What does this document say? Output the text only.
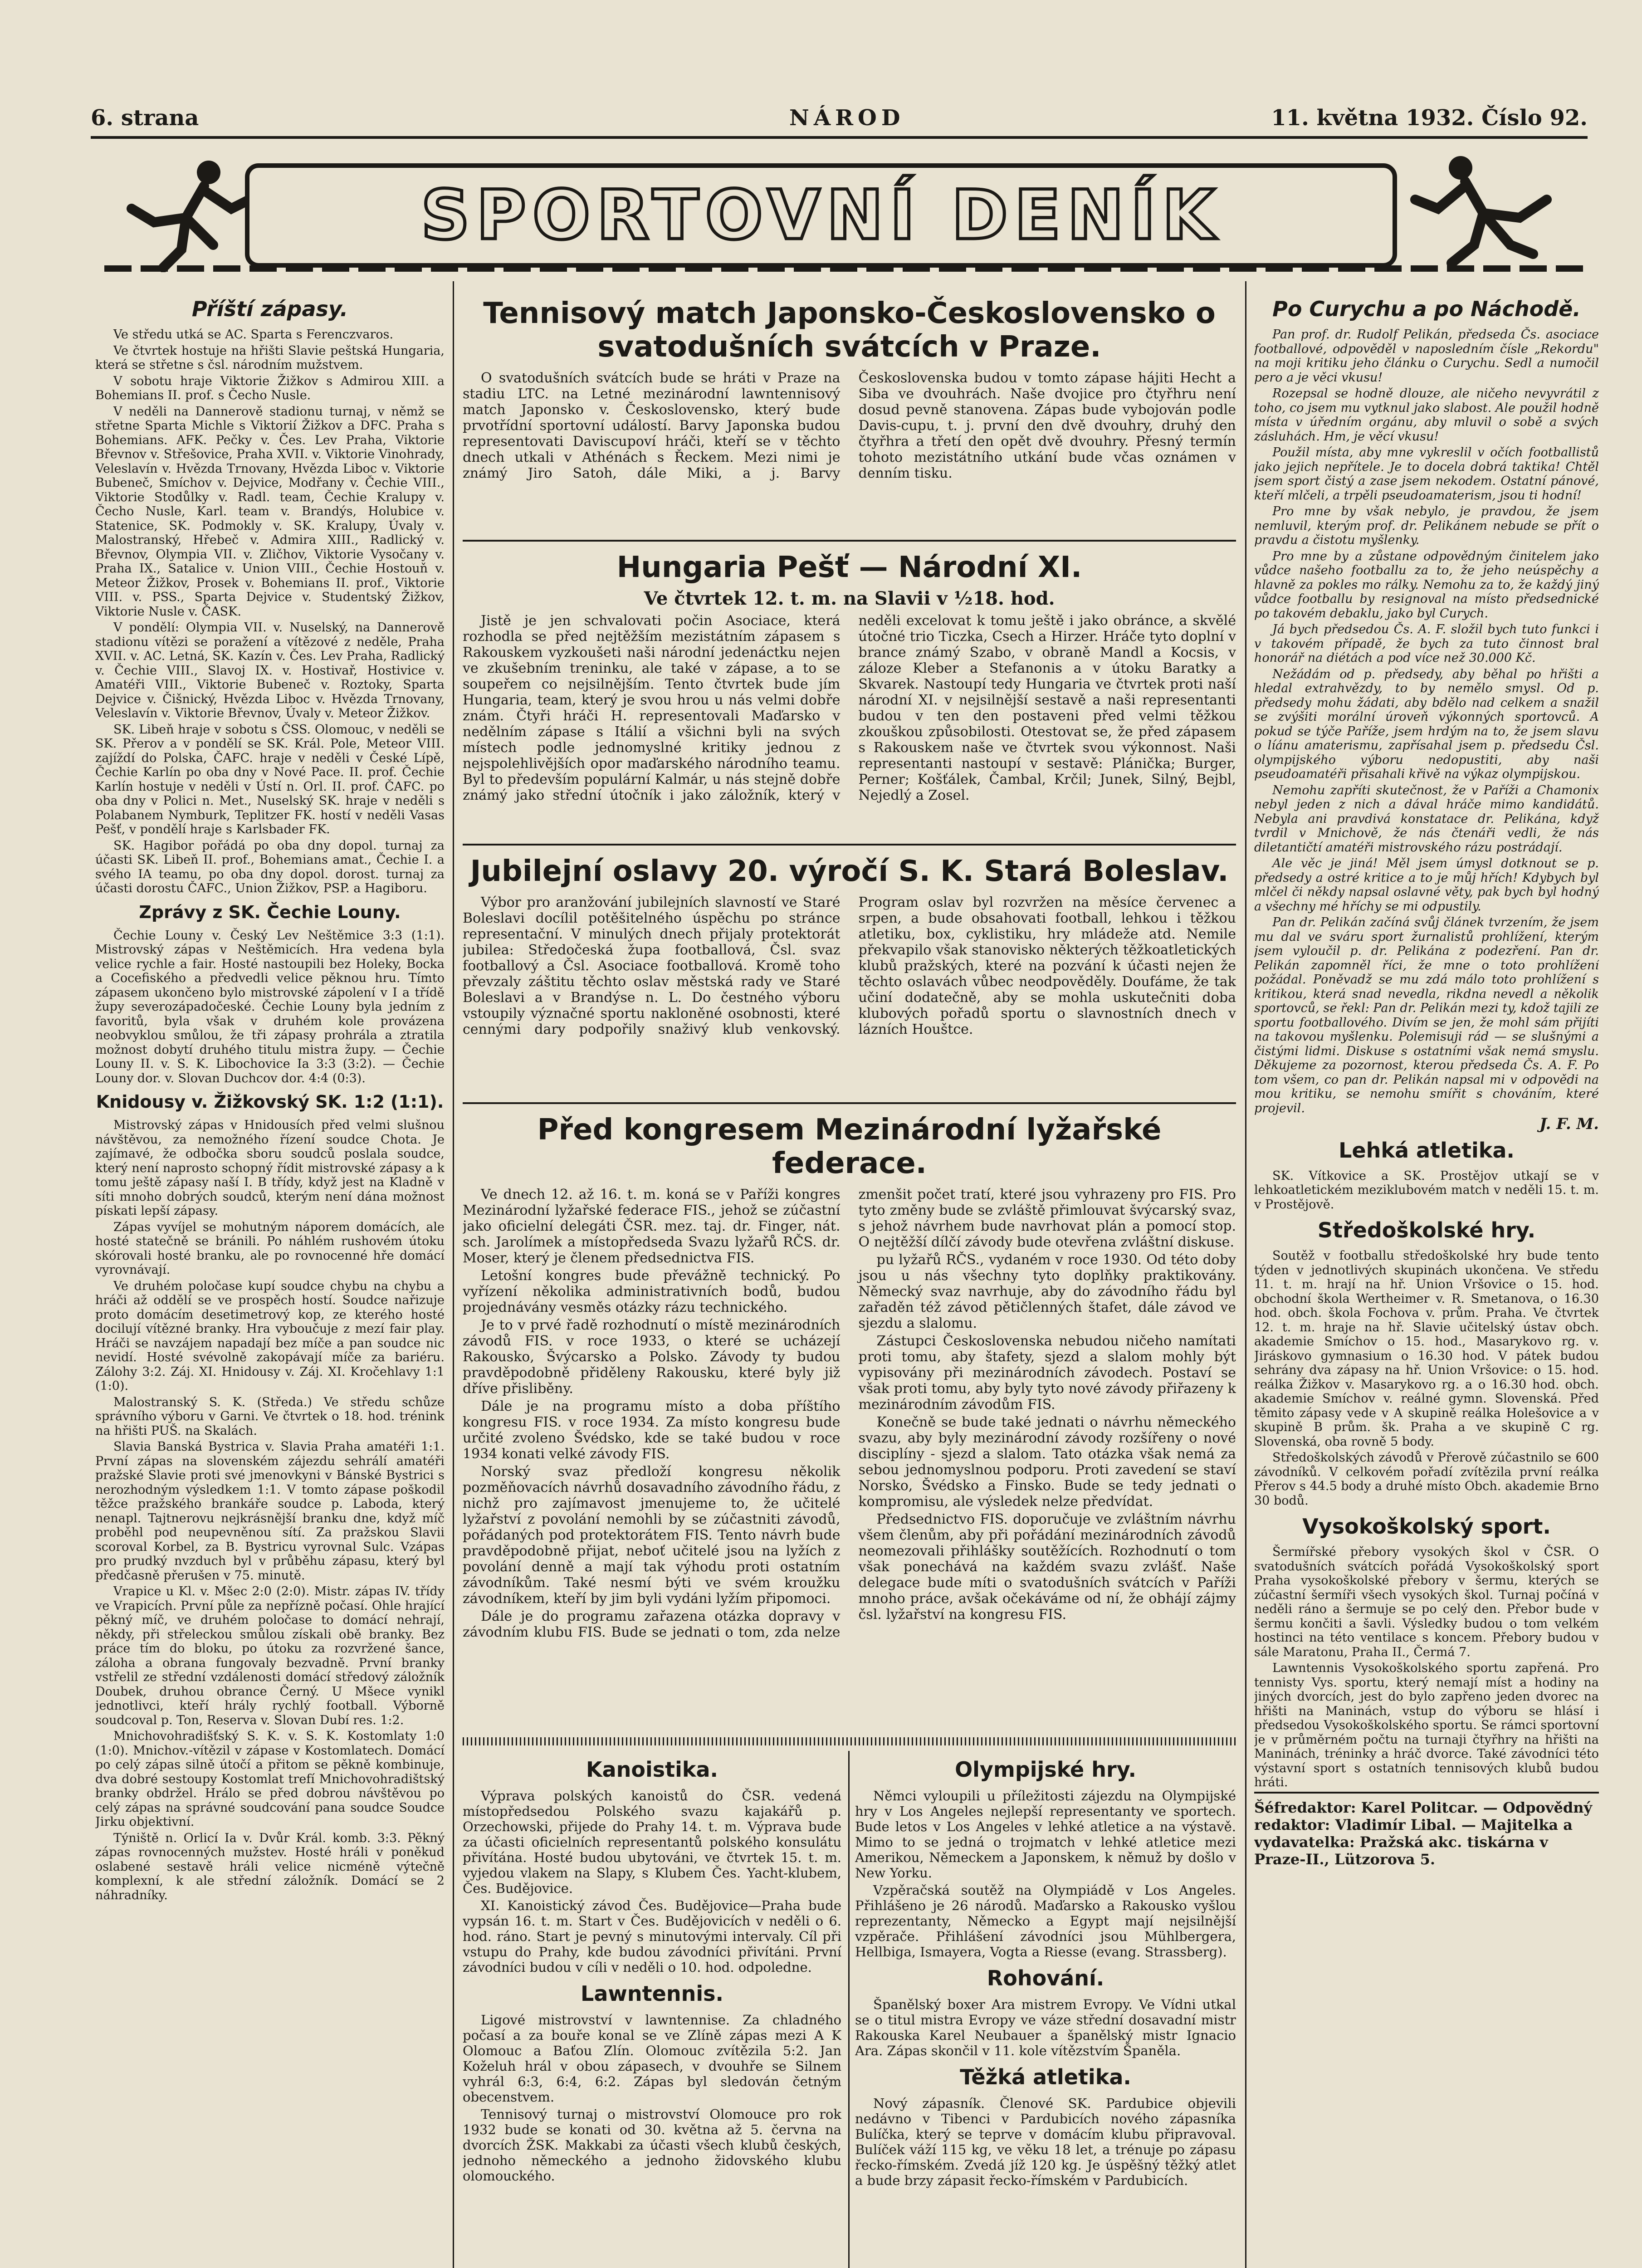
6. strana	NÁROD	11. května 1932. Číslo 92.
SPORTOVNÍ DENÍK
Příští zápasy.

Ve středu utká se AC. Sparta s Ferenczvaros.

Ve čtvrtek hostuje na hřišti Slavie peštská Hungaria, která se střetne s čsl. národním mužstvem.

V sobotu hraje Viktorie Žižkov s Admirou XIII. a Bohemians II. prof. s Čecho Nusle.

V neděli na Dannerově stadionu turnaj, v němž se střetne Sparta Michle s Viktorií Žižkov a DFC. Praha s Bohemians. AFK. Pečky v. Čes. Lev Praha, Viktorie Břevnov v. Střešovice, Praha XVII. v. Viktorie Vinohrady, Veleslavín v. Hvězda Trnovany, Hvězda Liboc v. Viktorie Bubeneč, Smíchov v. Dejvice, Modřany v. Čechie VIII., Viktorie Stodůlky v. Radl. team, Čechie Kralupy v. Čecho Nusle, Karl. team v. Brandýs, Holubice v. Statenice, SK. Podmokly v. SK. Kralupy, Úvaly v. Malostranský, Hřebeč v. Admira XIII., Radlický v. Břevnov, Olympia VII. v. Zličhov, Viktorie Vysočany v. Praha IX., Satalice v. Union VIII., Čechie Hostouň v. Meteor Žižkov, Prosek v. Bohemians II. prof., Viktorie VIII. v. PSS., Sparta Dejvice v. Studentský Žižkov, Viktorie Nusle v. ČASK.

V pondělí: Olympia VII. v. Nuselský, na Dannerově stadionu vítězi se poražení a vítězové z neděle, Praha XVII. v. AC. Letná, SK. Kazín v. Čes. Lev Praha, Radlický v. Čechie VIII., Slavoj IX. v. Hostivař, Hostivice v. Amatéři VIII., Viktorie Bubeneč v. Roztoky, Sparta Dejvice v. Čišnický, Hvězda Liboc v. Hvězda Trnovany, Veleslavín v. Viktorie Břevnov, Úvaly v. Meteor Žižkov.

SK. Libeň hraje v sobotu s ČSS. Olomouc, v neděli se SK. Přerov a v pondělí se SK. Král. Pole, Meteor VIII. zajíždí do Polska, ČAFC. hraje v neděli v České Lípě, Čechie Karlín po oba dny v Nové Pace. II. prof. Čechie Karlín hostuje v neděli v Ústí n. Orl. II. prof. ČAFC. po oba dny v Polici n. Met., Nuselský SK. hraje v neděli s Polabanem Nymburk, Teplitzer FK. hostí v neděli Vasas Pešť, v pondělí hraje s Karlsbader FK.

SK. Hagibor pořádá po oba dny dopol. turnaj za účasti SK. Libeň II. prof., Bohemians amat., Čechie I. a svého IA teamu, po oba dny dopol. dorost. turnaj za účasti dorostu ČAFC., Union Žižkov, PSP. a Hagiboru.

Zprávy z SK. Čechie Louny.

Čechie Louny v. Český Lev Neštěmice 3:3 (1:1). Mistrovský zápas v Neštěmicích. Hra vedena byla velice rychle a fair. Hosté nastoupili bez Holeky, Bocka a Cocefiského a předvedli velice pěknou hru. Tímto zápasem ukončeno bylo mistrovské zápolení v I a třídě župy severozápadočeské. Čechie Louny byla jedním z favoritů, byla však v druhém kole provázena neobvyklou smůlou, že tři zápasy prohrála a ztratila možnost dobytí druhého titulu mistra župy. — Čechie Louny II. v. S. K. Libochovice Ia 3:3 (3:2). — Čechie Louny dor. v. Slovan Duchcov dor. 4:4 (0:3).

Knidousy v. Žižkovský SK. 1:2 (1:1).

Mistrovský zápas v Hnidousích před velmi slušnou návštěvou, za nemožného řízení soudce Chota. Je zajímavé, že odbočka sboru soudců poslala soudce, který není naprosto schopný řídit mistrovské zápasy a k tomu ještě zápasy naší I. B třídy, když jest na Kladně v síti mnoho dobrých soudců, kterým není dána možnost pískati lepší zápasy.

Zápas vyvíjel se mohutným náporem domácích, ale hosté statečně se bránili. Po náhlém rushovém útoku skórovali hosté branku, ale po rovnocenné hře domácí vyrovnávají.

Ve druhém poločase kupí soudce chybu na chybu a hráči až oddělí se ve prospěch hostí. Soudce nařizuje proto domácím desetimetrový kop, ze kterého hosté docilují vítězné branky. Hra vyboučuje z mezí fair play. Hráči se navzájem napadají bez míče a pan soudce nic nevidí. Hosté svévolně zakopávají míče za bariéru. Zálohy 3:2. Záj. XI. Hnidousy v. Záj. XI. Kročehlavy 1:1 (1:0).

Malostranský S. K. (Středa.) Ve středu schůze správního výboru v Garni. Ve čtvrtek o 18. hod. trénink na hřišti PUŠ. na Skalách.

Slavia Banská Bystrica v. Slavia Praha amatéři 1:1. První zápas na slovenském zájezdu sehrálí amatéři pražské Slavie proti své jmenovkyni v Bánské Bystrici s nerozhodným výsledkem 1:1. V tomto zápase poškodil těžce pražského brankáře soudce p. Laboda, který nenapl. Tajtnerovu nejkrásnější branku dne, když míč proběhl pod neupevněnou sítí. Za pražskou Slavii scoroval Korbel, za B. Bystricu vyrovnal Sulc. Vzápas pro prudký nvzduch byl v průběhu zápasu, který byl předčasně přerušen v 75. minutě.

Vrapice u Kl. v. Mšec 2:0 (2:0). Mistr. zápas IV. třídy ve Vrapicích. První půle za nepřízně počasí. Ohle hrající pěkný míč, ve druhém poločase to domácí nehrají, někdy, při střeleckou smůlou získali obě branky. Bez práce tím do bloku, po útoku za rozvržené šance, záloha a obrana fungovaly bezvadně. První branky vstřelil ze střední vzdálenosti domácí středový záložník Doubek, druhou obrance Černý. U Mšece vynikl jednotlivci, kteří hrály rychlý football. Výborně soudcoval p. Ton, Reserva v. Slovan Dubí res. 1:2.

Mnichovohradišťský S. K. v. S. K. Kostomlaty 1:0 (1:0). Mnichov.-vítězil v zápase v Kostomlatech. Domácí po celý zápas silně útočí a přitom se pěkně kombinuje, dva dobré sestoupy Kostomlat trefí Mnichovohradištský branky obdržel. Hrálo se před dobrou návštěvou po celý zápas na správné soudcování pana soudce Soudce Jirku objektivní.

Týniště n. Orlicí Ia v. Dvůr Král. komb. 3:3. Pěkný zápas rovnocenných mužstev. Hosté hráli v poněkud oslabené sestavě hráli velice nicméně výtečně komplexní, k ale střední záložník. Domácí se 2 náhradníky.

Tennisový match Japonsko-Československo o svatodušních svátcích v Praze.

O svatodušních svátcích bude se hráti v Praze na stadiu LTC. na Letné mezinárodní lawntennisový match Japonsko v. Československo, který bude prvotřídní sportovní událostí. Barvy Japonska budou representovati Daviscupoví hráči, kteří se v těchto dnech utkali v Athénách s Řeckem. Mezi nimi je známý Jiro Satoh, dále Miki, a j. Barvy Československa budou v tomto zápase hájiti Hecht a Siba ve dvouhrách. Naše dvojice pro čtyřhru není dosud pevně stanovena. Zápas bude vybojován podle Davis-cupu, t. j. první den dvě dvouhry, druhý den čtyřhra a třetí den opět dvě dvouhry. Přesný termín tohoto mezistátního utkání bude včas oznámen v denním tisku.

Hungaria Pešť — Národní XI.
Ve čtvrtek 12. t. m. na Slavii v ½18. hod.

Jistě je jen schvalovati počin Asociace, která rozhodla se před nejtěžším mezistátním zápasem s Rakouskem vyzkoušeti naši národní jedenáctku nejen ve zkušebním treninku, ale také v zápase, a to se soupeřem co nejsilnějším. Tento čtvrtek bude jím Hungaria, team, který je svou hrou u nás velmi dobře znám. Čtyři hráči H. representovali Maďarsko v nedělním zápase s Itálií a všichni byli na svých místech podle jednomyslné kritiky jednou z nejspolehlivějších opor maďarského národního teamu. Byl to především populární Kalmár, u nás stejně dobře známý jako střední útočník i jako záložník, který v neděli excelovat k tomu ještě i jako obránce, a skvělé útočné trio Ticzka, Csech a Hirzer. Hráče tyto doplní v brance známý Szabo, v obraně Mandl a Kocsis, v záloze Kleber a Stefanonis a v útoku Baratky a Skvarek. Nastoupí tedy Hungaria ve čtvrtek proti naší národní XI. v nejsilnější sestavě a naši representanti budou v ten den postaveni před velmi těžkou zkouškou způsobilosti. Otestovat se, že před zápasem s Rakouskem naše ve čtvrtek svou výkonnost. Naši representanti nastoupí v sestavě: Plánička; Burger, Perner; Košťálek, Čambal, Krčil; Junek, Silný, Bejbl, Nejedlý a Zosel.

Jubilejní oslavy 20. výročí S. K. Stará Boleslav.

Výbor pro aranžování jubilejních slavností ve Staré Boleslavi docílil potěšitelného úspěchu po stránce representační. V minulých dnech přijaly protektorát jubilea: Středočeská župa footballová, Čsl. svaz footballový a Čsl. Asociace footballová. Kromě toho převzaly záštitu těchto oslav městská rady ve Staré Boleslavi a v Brandýse n. L. Do čestného výboru vstoupily význačné sportu nakloněné osobnosti, které cennými dary podpořily snaživý klub venkovský. Program oslav byl rozvržen na měsíce červenec a srpen, a bude obsahovati football, lehkou i těžkou atletiku, box, cyklistiku, hry mládeže atd. Nemile překvapilo však stanovisko některých těžkoatletických klubů pražských, které na pozvání k účasti nejen že těchto oslavách vůbec neodpověděly. Doufáme, že tak učiní dodatečně, aby se mohla uskutečniti doba klubových pořadů sportu o slavnostních dnech v lázních Houštce.

Před kongresem Mezinárodní lyžařské federace.

Ve dnech 12. až 16. t. m. koná se v Paříži kongres Mezinárodní lyžařské federace FIS., jehož se zúčastní jako oficielní delegáti ČSR. mez. taj. dr. Finger, nát. sch. Jarolímek a místopředseda Svazu lyžařů RČS. dr. Moser, který je členem předsednictva FIS.

Letošní kongres bude převážně technický. Po vyřízení několika administrativních bodů, budou projednávány vesměs otázky rázu technického.

Je to v prvé řadě rozhodnutí o místě mezinárodních závodů FIS. v roce 1933, o které se ucházejí Rakousko, Švýcarsko a Polsko. Závody ty budou pravděpodobně přiděleny Rakousku, které byly již dříve přisliběny.

Dále je na programu místo a doba příštího kongresu FIS. v roce 1934. Za místo kongresu bude určité zvoleno Švédsko, kde se také budou v roce 1934 konati velké závody FIS.

Norský svaz předloží kongresu několik pozměňovacích návrhů dosavadního závodního řádu, z nichž pro zajímavost jmenujeme to, že učitelé lyžařství z povolání nemohli by se zúčastniti závodů, pořádaných pod protektorátem FIS. Tento návrh bude pravděpodobně přijat, neboť učitelé jsou na lyžích z povolání denně a mají tak výhodu proti ostatním závodníkům. Také nesmí býti ve svém kroužku závodníkem, kteří by jim byli vydáni lyžím připomoci.

Dále je do programu zařazena otázka dopravy v závodním klubu FIS. Bude se jednati o tom, zda nelze zmenšit počet tratí, které jsou vyhrazeny pro FIS. Pro tyto změny bude se zvláště přimlouvat švýcarský svaz, s jehož návrhem bude navrhovat plán a pomocí stop. O nejtěžší dílčí závody bude otevřena zvláštní diskuse.

pu lyžařů RČS., vydaném v roce 1930. Od této doby jsou u nás všechny tyto doplňky praktikovány. Německý svaz navrhuje, aby do závodního řádu byl zařaděn též závod pětičlenných štafet, dále závod ve sjezdu a slalomu.

Zástupci Československa nebudou ničeho namítati proti tomu, aby štafety, sjezd a slalom mohly být vypisovány při mezinárodních závodech. Postaví se však proti tomu, aby byly tyto nové závody přiřazeny k mezinárodním závodům FIS.

Konečně se bude také jednati o návrhu německého svazu, aby byly mezinárodní závody rozšířeny o nové disciplíny - sjezd a slalom. Tato otázka však nemá za sebou jednomyslnou podporu. Proti zavedení se staví Norsko, Švédsko a Finsko. Bude se tedy jednati o kompromisu, ale výsledek nelze předvídat.

Předsednictvo FIS. doporučuje ve zvláštním návrhu všem členům, aby při pořádání mezinárodních závodů neomezovali přihlášky soutěžících. Rozhodnutí o tom však ponechává na každém svazu zvlášť. Naše delegace bude míti o svatodušních svátcích v Paříži mnoho práce, avšak očekáváme od ní, že obhájí zájmy čsl. lyžařství na kongresu FIS.

Kanoistika.

Výprava polských kanoistů do ČSR. vedená místopředsedou Polského svazu kajakářů p. Orzechowski, přijede do Prahy 14. t. m. Výprava bude za účasti oficielních representantů polského konsulátu přivítána. Hosté budou ubytováni, ve čtvrtek 15. t. m. vyjedou vlakem na Slapy, s Klubem Čes. Yacht-klubem, Čes. Budějovice.

XI. Kanoistický závod Čes. Budějovice—Praha bude vypsán 16. t. m. Start v Čes. Budějovicích v neděli o 6. hod. ráno. Start je pevný s minutovými intervaly. Cíl při vstupu do Prahy, kde budou závodníci přivítáni. První závodníci budou v cíli v neděli o 10. hod. odpoledne.

Lawntennis.

Ligové mistrovství v lawntennise. Za chladného počasí a za bouře konal se ve Zlíně zápas mezi A K Olomouc a Baťou Zlín. Olomouc zvítězila 5:2. Jan Koželuh hrál v obou zápasech, v dvouhře se Silnem vyhrál 6:3, 6:4, 6:2. Zápas byl sledován četným obecenstvem.

Tennisový turnaj o mistrovství Olomouce pro rok 1932 bude se konati od 30. května až 5. června na dvorcích ŽSK. Makkabi za účasti všech klubů českých, jednoho německého a jednoho židovského klubu olomouckého.

Olympijské hry.

Němci vyloupili u příležitosti zájezdu na Olympijské hry v Los Angeles nejlepší representanty ve sportech. Bude letos v Los Angeles v lehké atletice a na výstavě. Mimo to se jedná o trojmatch v lehké atletice mezi Amerikou, Německem a Japonskem, k němuž by došlo v New Yorku.

Vzpěračská soutěž na Olympiádě v Los Angeles. Přihlášeno je 26 národů. Maďarsko a Rakousko vyšlou reprezentanty, Německo a Egypt mají nejsilnější vzpěrače. Přihlášení závodníci jsou Mühlbergera, Hellbiga, Ismayera, Vogta a Riesse (evang. Strassberg).

Rohování.

Španělský boxer Ara mistrem Evropy. Ve Vídni utkal se o titul mistra Evropy ve váze střední dosavadní mistr Rakouska Karel Neubauer a španělský mistr Ignacio Ara. Zápas skončil v 11. kole vítězstvím Španěla.

Těžká atletika.

Nový zápasník. Členové SK. Pardubice objevili nedávno v Tibenci v Pardubicích nového zápasníka Bulíčka, který se teprve v domácím klubu připravoval. Bulíček váží 115 kg, ve věku 18 let, a trénuje po zápasu řecko-římském. Zvedá jíž 120 kg. Je úspěšný těžký atlet a bude brzy zápasit řecko-římském v Pardubicích.

Po Curychu a po Náchodě.

Pan prof. dr. Rudolf Pelikán, předseda Čs. asociace footballové, odpověděl v naposledním čísle „Rekordu" na moji kritiku jeho článku o Curychu. Sedl a numočil pero a je věci vkusu!

Rozepsal se hodně dlouze, ale ničeho nevyvrátil z toho, co jsem mu vytknul jako slabost. Ale použil hodně místa v úředním orgánu, aby mluvil o sobě a svých zásluhách. Hm, je věcí vkusu!

Použil místa, aby mne vykreslil v očích footballistů jako jejich nepřítele. Je to docela dobrá taktika! Chtěl jsem sport čistý a zase jsem nekodem. Ostatní pánové, kteří mlčeli, a trpěli pseudoamaterism, jsou ti hodní!

Pro mne by však nebylo, je pravdou, že jsem nemluvil, kterým prof. dr. Pelikánem nebude se přít o pravdu a čistotu myšlenky.

Pro mne by a zůstane odpovědným činitelem jako vůdce našeho footballu za to, že jeho neúspěchy a hlavně za pokles mo rálky. Nemohu za to, že každý jiný vůdce footballu by resignoval na místo předsednické po takovém debaklu, jako byl Curych.

Já bych předsedou Čs. A. F. složil bych tuto funkci i v takovém případě, že bych za tuto činnost bral honorář na diétách a pod více než 30.000 Kč.

Nežádám od p. předsedy, aby běhal po hřišti a hledal extrahvězdy, to by nemělo smysl. Od p. předsedy mohu žádati, aby bdělo nad celkem a snažil se zvýšiti morální úroveň výkonných sportovců. A pokud se týče Paříže, jsem hrdým na to, že jsem slavu o líánu amaterismu, zapřísahal jsem p. předsedu Čsl. olympijského výboru nedopustiti, aby naši pseudoamatéři přisahali křivě na výkaz olympijskou.

Nemohu zapříti skutečnost, že v Paříži a Chamonix nebyl jeden z nich a dával hráče mimo kandidátů. Nebyla ani pravdivá konstatace dr. Pelikána, když tvrdil v Mnichově, že nás čtenáři vedli, že nás diletantičtí amatéři mistrovského rázu postrádají.

Ale věc je jiná! Měl jsem úmysl dotknout se p. předsedy a ostré kritice a to je můj hřích! Kdybych byl mlčel či někdy napsal oslavné věty, pak bych byl hodný a všechny mé hříchy se mi odpustily.

Pan dr. Pelikán začíná svůj článek tvrzením, že jsem mu dal ve sváru sport žurnalistů prohlížení, kterým jsem vyloučil p. dr. Pelikána z podezření. Pan dr. Pelikán zapomněl říci, že mne o toto prohlížení požádal. Poněvadž se mu zdá málo toto prohlížení s kritikou, která snad nevedla, rikdna nevedl a několik sportovců, se řekl: Pan dr. Pelikán mezi ty, kdož tajili ze sportu footballového. Divím se jen, že mohl sám přijíti na takovou myšlenku. Polemisuji rád — se slušnými a čistými lidmi. Diskuse s ostatními však nemá smyslu. Děkujeme za pozornost, kterou předseda Čs. A. F. Po tom všem, co pan dr. Pelikán napsal mi v odpovědi na mou kritiku, se nemohu smířit s chováním, které projevil.

J. F. M.
Lehká atletika.

SK. Vítkovice a SK. Prostějov utkají se v lehkoatletickém meziklubovém match v neděli 15. t. m. v Prostějově.

Středoškolské hry.

Soutěž v footballu středoškolské hry bude tento týden v jednotlivých skupinách ukončena. Ve středu 11. t. m. hrají na hř. Union Vršovice o 15. hod. obchodní škola Wertheimer v. R. Smetanova, o 16.30 hod. obch. škola Fochova v. prům. Praha. Ve čtvrtek 12. t. m. hraje na hř. Slavie učitelský ústav obch. akademie Smíchov o 15. hod., Masarykovo rg. v. Jiráskovo gymnasium o 16.30 hod. V pátek budou sehrány dva zápasy na hř. Union Vršovice: o 15. hod. reálka Žižkov v. Masarykovo rg. a o 16.30 hod. obch. akademie Smíchov v. reálné gymn. Slovenská. Před těmito zápasy vede v A skupině reálka Holešovice a v skupině B prům. šk. Praha a ve skupině C rg. Slovenská, oba rovně 5 body.

Středoškolských závodů v Přerově zúčastnilo se 600 závodníků. V celkovém pořadí zvítězila první reálka Přerov s 44.5 body a druhé místo Obch. akademie Brno 30 bodů.

Vysokoškolský sport.

Šermířské přebory vysokých škol v ČSR. O svatodušních svátcích pořádá Vysokoškolský sport Praha vysokoškolské přebory v šermu, kterých se zúčastní šermíři všech vysokých škol. Turnaj počíná v neděli ráno a šermuje se po celý den. Přebor bude v šermu končiti a šavli. Výsledky budou o tom velkém hostinci na této ventilace s koncem. Přebory budou v sále Maratonu, Praha II., Čermá 7.

Lawntennis Vysokoškolského sportu zapřená. Pro tennisty Vys. sportu, který nemají míst a hodiny na jiných dvorcích, jest do bylo zapřeno jeden dvorec na hřišti na Maninách, vstup do výboru se hlásí i předsedou Vysokoškolského sportu. Se rámci sportovní je v průměrném počtu na turnaji čtyřhry na hřišti na Maninách, tréninky a hráč dvorce. Také závodníci této výstavní sport s ostatních tennisových klubů budou hráti.

Šéfredaktor: Karel Politcar. — Odpovědný redaktor: Vladimír Libal. — Majitelka a vydavatelka: Pražská akc. tiskárna v Praze-II., Lützorova 5.
